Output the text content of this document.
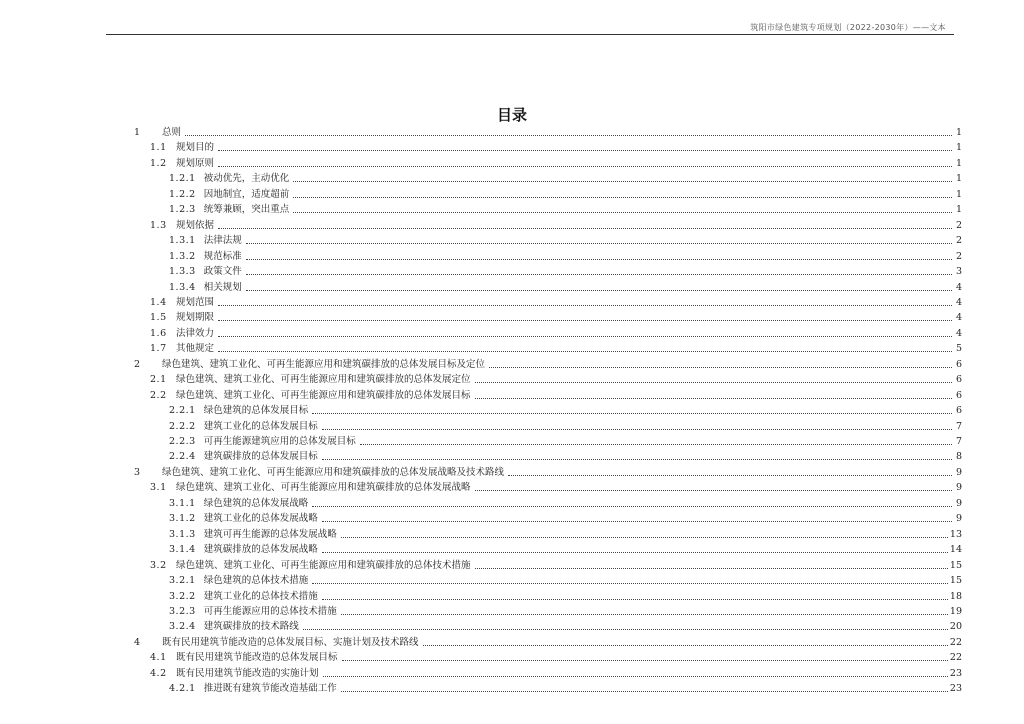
筑阳市绿色建筑专项规划（2022-2030年）——文本
目录
1	总则	1
1.1 规划目的	1
1.2 规划原则	1
1.2.1 被动优先，主动优化	1
1.2.2 因地制宜，适度超前	1
1.2.3 统筹兼顾，突出重点	1
1.3 规划依据	2
1.3.1 法律法规	2
1.3.2 规范标准	2
1.3.3 政策文件	3
1.3.4 相关规划	4
1.4 规划范围	4
1.5 规划期限	4
1.6 法律效力	4
1.7 其他规定	5
2	绿色建筑、建筑工业化、可再生能源应用和建筑碳排放的总体发展目标及定位	6
2.1 绿色建筑、建筑工业化、可再生能源应用和建筑碳排放的总体发展定位	6
2.2 绿色建筑、建筑工业化、可再生能源应用和建筑碳排放的总体发展目标	6
2.2.1 绿色建筑的总体发展目标	6
2.2.2 建筑工业化的总体发展目标	7
2.2.3 可再生能源建筑应用的总体发展目标	7
2.2.4 建筑碳排放的总体发展目标	8
3	绿色建筑、建筑工业化、可再生能源应用和建筑碳排放的总体发展战略及技术路线	9
3.1 绿色建筑、建筑工业化、可再生能源应用和建筑碳排放的总体发展战略	9
3.1.1 绿色建筑的总体发展战略	9
3.1.2 建筑工业化的总体发展战略	9
3.1.3 建筑可再生能源的总体发展战略	13
3.1.4 建筑碳排放的总体发展战略	14
3.2 绿色建筑、建筑工业化、可再生能源应用和建筑碳排放的总体技术措施	15
3.2.1 绿色建筑的总体技术措施	15
3.2.2 建筑工业化的总体技术措施	18
3.2.3 可再生能源应用的总体技术措施	19
3.2.4 建筑碳排放的技术路线	20
4	既有民用建筑节能改造的总体发展目标、实施计划及技术路线	22
4.1 既有民用建筑节能改造的总体发展目标	22
4.2 既有民用建筑节能改造的实施计划	23
4.2.1 推进既有建筑节能改造基础工作	23
